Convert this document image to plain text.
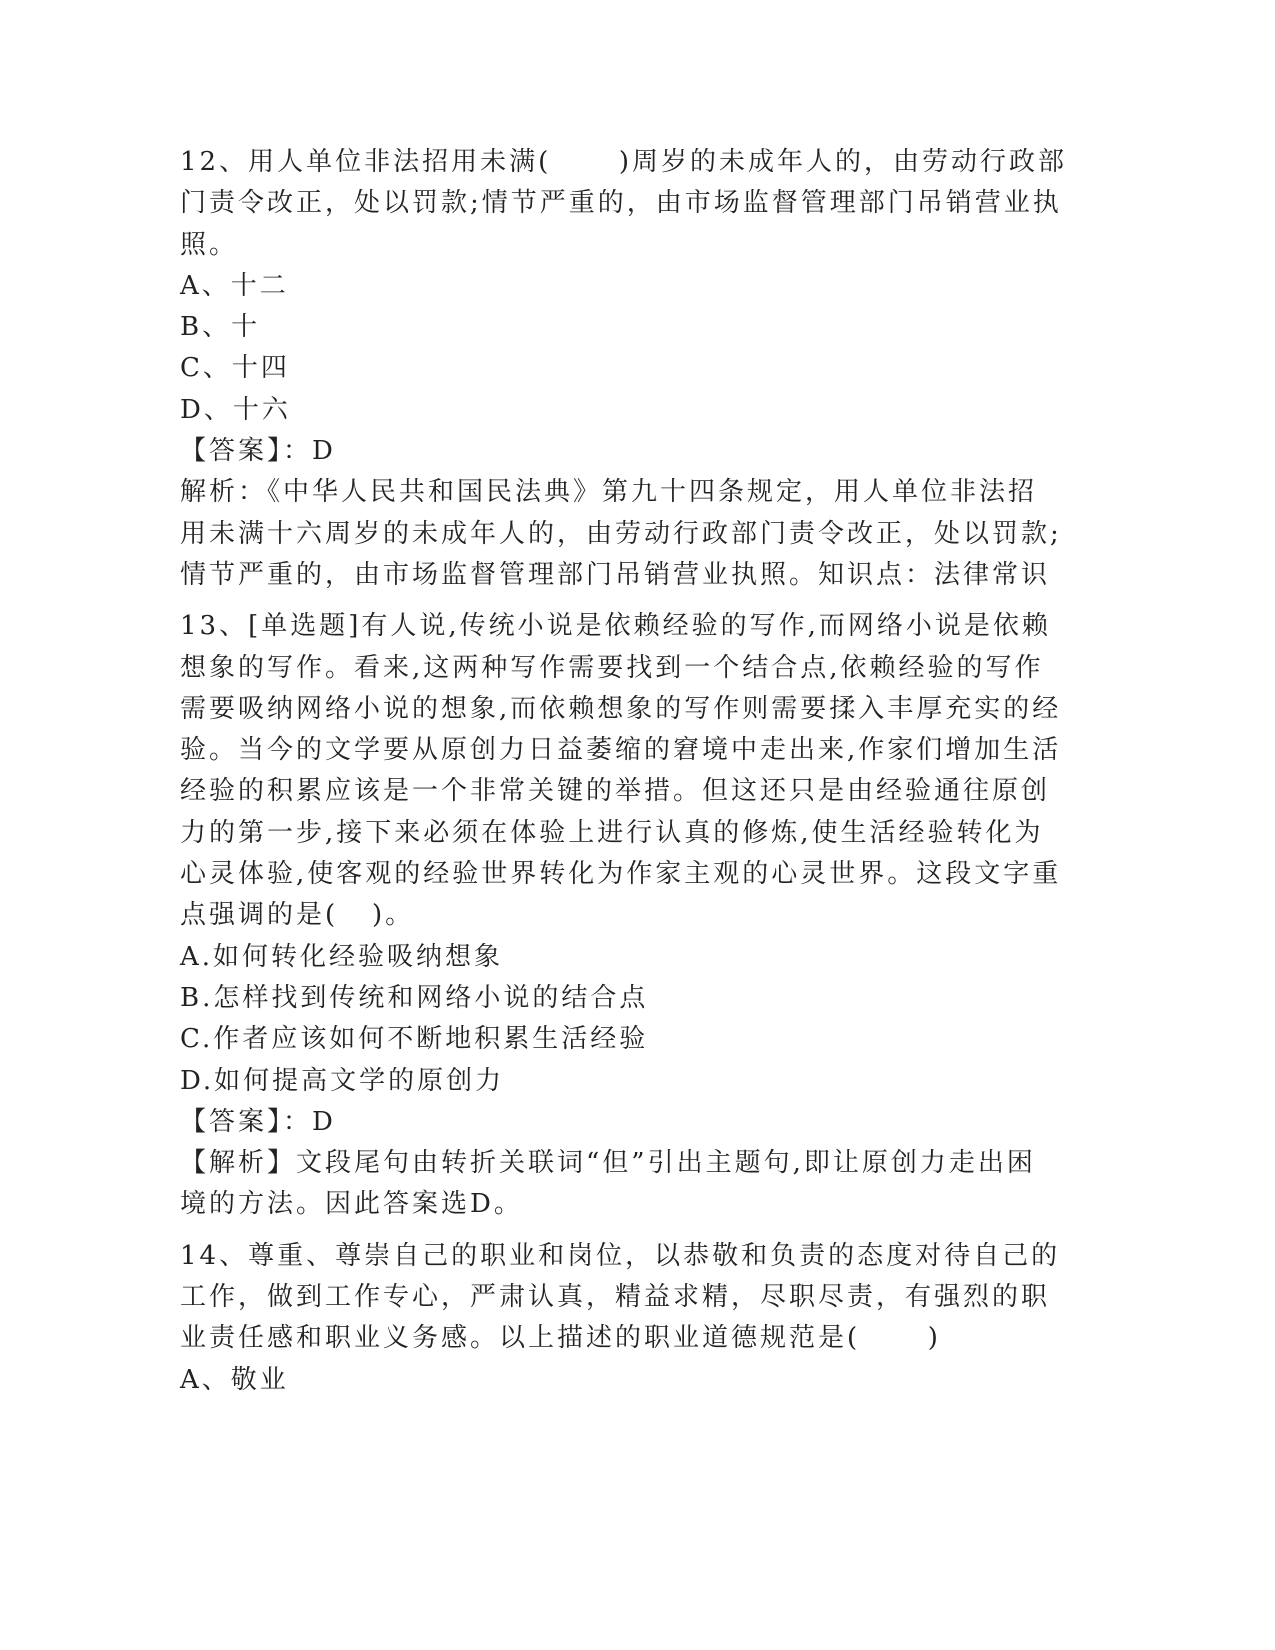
12、用人单位非法招用未满(      )周岁的未成年人的，由劳动行政部
门责令改正，处以罚款;情节严重的，由市场监督管理部门吊销营业执
照。
A、十二
B、十
C、十四
D、十六
【答案】：D
解析：《中华人民共和国民法典》第九十四条规定，用人单位非法招
用未满十六周岁的未成年人的，由劳动行政部门责令改正，处以罚款;
情节严重的，由市场监督管理部门吊销营业执照。知识点：法律常识
13、[单选题]有人说,传统小说是依赖经验的写作,而网络小说是依赖
想象的写作。看来,这两种写作需要找到一个结合点,依赖经验的写作
需要吸纳网络小说的想象,而依赖想象的写作则需要揉入丰厚充实的经
验。当今的文学要从原创力日益萎缩的窘境中走出来,作家们增加生活
经验的积累应该是一个非常关键的举措。但这还只是由经验通往原创
力的第一步,接下来必须在体验上进行认真的修炼,使生活经验转化为
心灵体验,使客观的经验世界转化为作家主观的心灵世界。这段文字重
点强调的是(   )。
A.如何转化经验吸纳想象
B.怎样找到传统和网络小说的结合点
C.作者应该如何不断地积累生活经验
D.如何提高文学的原创力
【答案】：D
【解析】文段尾句由转折关联词“但”引出主题句,即让原创力走出困
境的方法。因此答案选D。
14、尊重、尊崇自己的职业和岗位，以恭敬和负责的态度对待自己的
工作，做到工作专心，严肃认真，精益求精，尽职尽责，有强烈的职
业责任感和职业义务感。以上描述的职业道德规范是(      )
A、敬业
